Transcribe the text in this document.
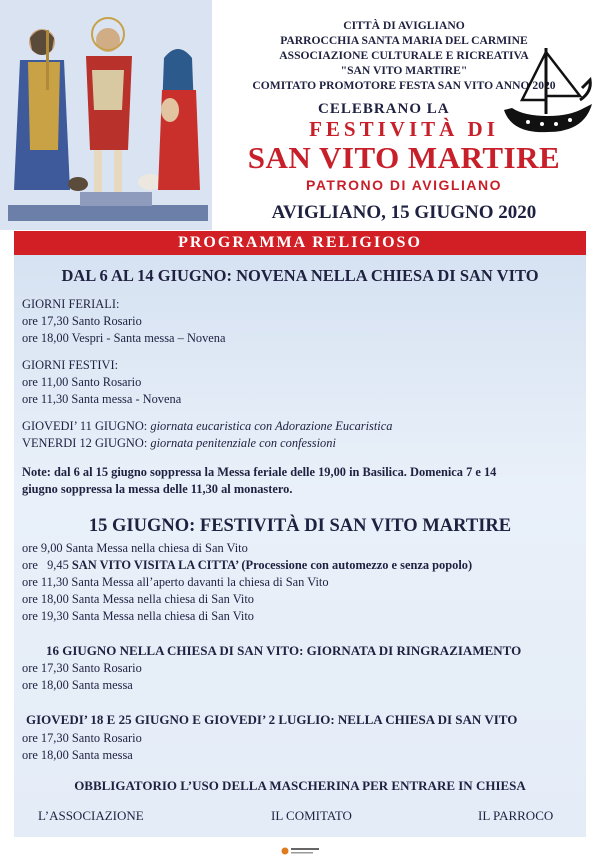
CITTÀ DI AVIGLIANO
PARROCCHIA SANTA MARIA DEL CARMINE
ASSOCIAZIONE CULTURALE E RICREATIVA
"SAN VITO MARTIRE"
COMITATO PROMOTORE FESTA SAN VITO ANNO 2020
CELEBRANO LA
FESTIVITÀ DI
SAN VITO MARTIRE
PATRONO DI AVIGLIANO
AVIGLIANO, 15 GIUGNO 2020
PROGRAMMA RELIGIOSO
DAL 6 AL 14 GIUGNO: NOVENA NELLA CHIESA DI SAN VITO
GIORNI FERIALI:
ore 17,30 Santo Rosario
ore 18,00 Vespri - Santa messa – Novena
GIORNI FESTIVI:
ore 11,00 Santo Rosario
ore 11,30 Santa messa - Novena
GIOVEDI’ 11 GIUGNO: giornata eucaristica con Adorazione Eucaristica
VENERDI 12 GIUGNO: giornata penitenziale con confessioni
Note: dal 6 al 15 giugno soppressa la Messa feriale delle 19,00 in Basilica. Domenica 7 e 14
giugno soppressa la messa delle 11,30 al monastero.
15 GIUGNO: FESTIVITÀ DI SAN VITO MARTIRE
ore 9,00 Santa Messa nella chiesa di San Vito
ore   9,45 SAN VITO VISITA LA CITTA’ (Processione con automezzo e senza popolo)
ore 11,30 Santa Messa all’aperto davanti la chiesa di San Vito
ore 18,00 Santa Messa nella chiesa di San Vito
ore 19,30 Santa Messa nella chiesa di San Vito
16 GIUGNO NELLA CHIESA DI SAN VITO: GIORNATA DI RINGRAZIAMENTO
ore 17,30 Santo Rosario
ore 18,00 Santa messa
GIOVEDI’ 18 E 25 GIUGNO E GIOVEDI’ 2 LUGLIO: NELLA CHIESA DI SAN VITO
ore 17,30 Santo Rosario
ore 18,00 Santa messa
OBBLIGATORIO L’USO DELLA MASCHERINA PER ENTRARE IN CHIESA
L’ASSOCIAZIONE	IL COMITATO	IL PARROCO
